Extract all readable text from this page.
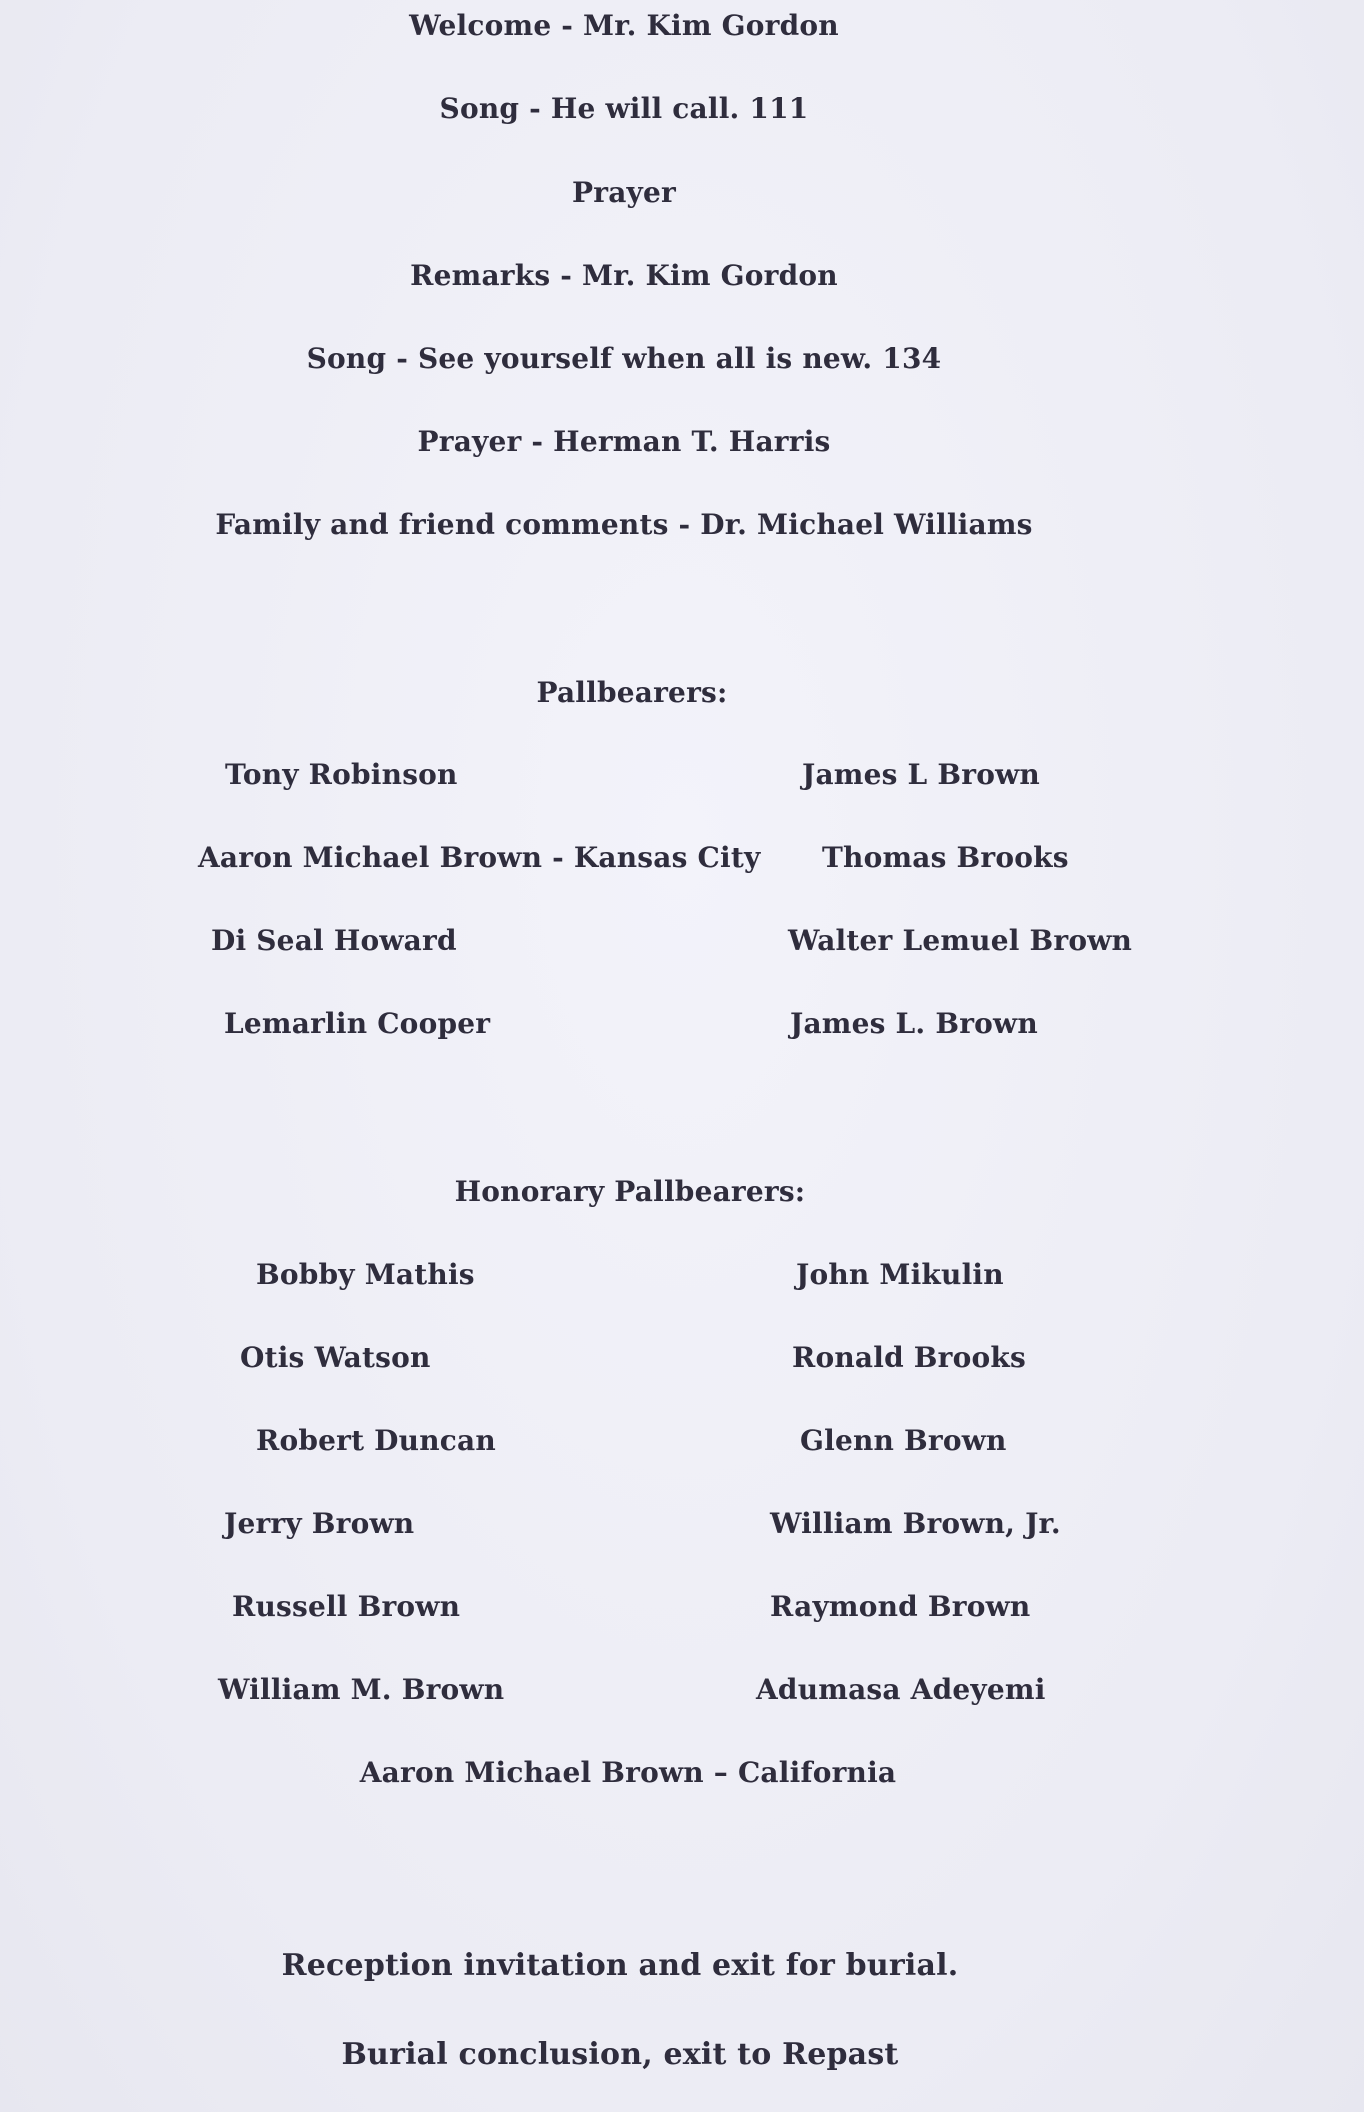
Welcome - Mr. Kim Gordon
Song - He will call. 111
Prayer
Remarks - Mr. Kim Gordon
Song - See yourself when all is new. 134
Prayer - Herman T. Harris
Family and friend comments - Dr. Michael Williams
Pallbearers:
Tony Robinson
Aaron Michael Brown - Kansas City
Di Seal Howard
Lemarlin Cooper
James L Brown
Thomas Brooks
Walter Lemuel Brown
James L. Brown
Honorary Pallbearers:
Bobby Mathis
Otis Watson
Robert Duncan
Jerry Brown
Russell Brown
William M. Brown
John Mikulin
Ronald Brooks
Glenn Brown
William Brown, Jr.
Raymond Brown
Adumasa Adeyemi
Aaron Michael Brown – California
Reception invitation and exit for burial.
Burial conclusion, exit to Repast
